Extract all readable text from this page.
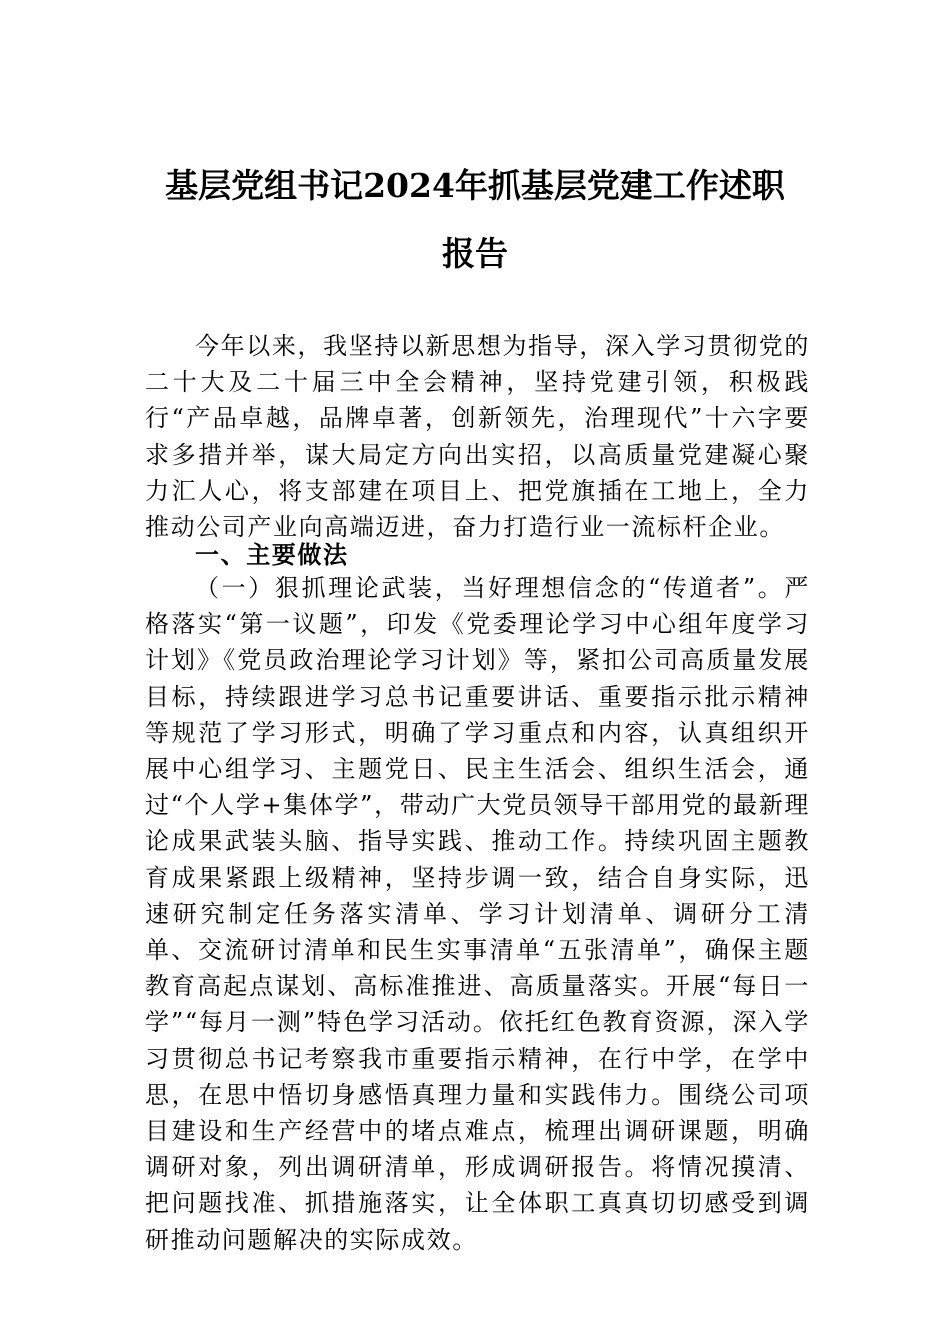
基层党组书记2024年抓基层党建工作述职
报告
今年以来，我坚持以新思想为指导，深入学习贯彻党的二十大及二十届三中全会精神，坚持党建引领，积极践行“产品卓越，品牌卓著，创新领先，治理现代”十六字要求多措并举，谋大局定方向出实招，以高质量党建凝心聚力汇人心，将支部建在项目上、把党旗插在工地上，全力推动公司产业向高端迈进，奋力打造行业一流标杆企业。
一、主要做法
（一）狠抓理论武装，当好理想信念的“传道者”。严格落实“第一议题”，印发《党委理论学习中心组年度学习计划》《党员政治理论学习计划》等，紧扣公司高质量发展目标，持续跟进学习总书记重要讲话、重要指示批示精神等规范了学习形式，明确了学习重点和内容，认真组织开展中心组学习、主题党日、民主生活会、组织生活会，通过“个人学+集体学”，带动广大党员领导干部用党的最新理论成果武装头脑、指导实践、推动工作。持续巩固主题教育成果紧跟上级精神，坚持步调一致，结合自身实际，迅速研究制定任务落实清单、学习计划清单、调研分工清单、交流研讨清单和民生实事清单“五张清单”，确保主题教育高起点谋划、高标准推进、高质量落实。开展“每日一学”“每月一测”特色学习活动。依托红色教育资源，深入学习贯彻总书记考察我市重要指示精神，在行中学，在学中思，在思中悟切身感悟真理力量和实践伟力。围绕公司项目建设和生产经营中的堵点难点，梳理出调研课题，明确调研对象，列出调研清单，形成调研报告。将情况摸清、把问题找准、抓措施落实，让全体职工真真切切感受到调研推动问题解决的实际成效。
